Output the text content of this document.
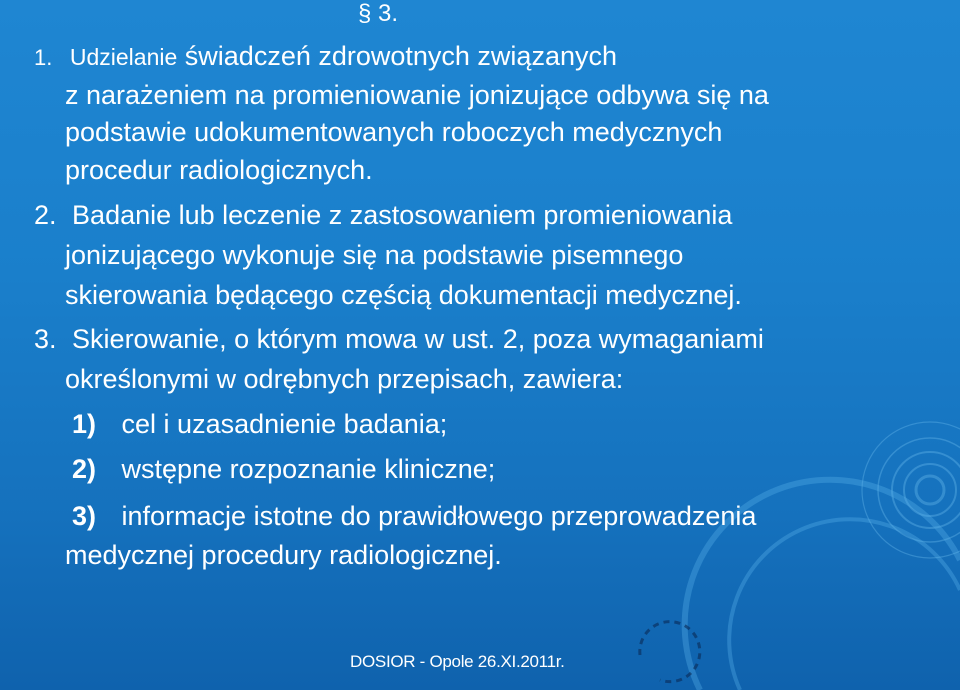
§ 3.
1. Udzielanie świadczeń zdrowotnych związanych
z narażeniem na promieniowanie jonizujące odbywa się na
podstawie udokumentowanych roboczych medycznych
procedur radiologicznych.
2. Badanie lub leczenie z zastosowaniem promieniowania
jonizującego wykonuje się na podstawie pisemnego
skierowania będącego częścią dokumentacji medycznej.
3. Skierowanie, o którym mowa w ust. 2, poza wymaganiami
określonymi w odrębnych przepisach, zawiera:
1) cel i uzasadnienie badania;
2) wstępne rozpoznanie kliniczne;
3) informacje istotne do prawidłowego przeprowadzenia
medycznej procedury radiologicznej.
DOSIOR - Opole 26.XI.2011r.
